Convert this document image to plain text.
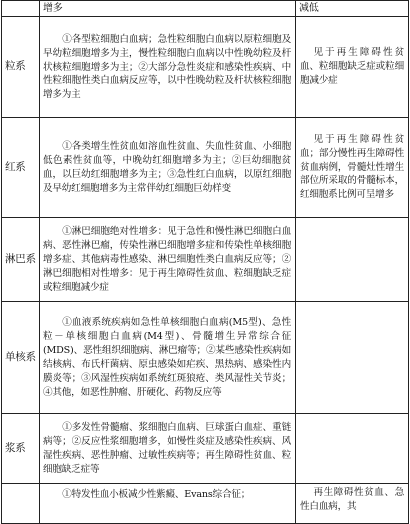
	增多	减低
粒系	①各型粒细胞白血病；急性粒细胞白血病以原粒细胞及早幼粒细胞增多为主，慢性粒细胞白血病以中性晚幼粒及杆状核粒细胞增多为主；②大部分急性炎症和感染性疾病、中性粒细胞性类白血病反应等，以中性晚幼粒及杆状核粒细胞增多为主	见于再生障碍性贫血、粒细胞缺乏症或粒细胞减少症

红系	①各类增生性贫血如溶血性贫血、失血性贫血、小细胞低色素性贫血等，中晚幼红细胞增多为主；②巨幼细胞贫血，以巨幼红细胞增多为主；③急性红白血病，以原红细胞及早幼红细胞增多为主常伴幼红细胞巨幼样变	见于再生障碍性贫血；部分慢性再生障碍性贫血病例，骨髓灶性增生部位所采取的骨髓标本，红细胞系比例可呈增多

淋巴系	①淋巴细胞绝对性增多：见于急性和慢性淋巴细胞白血病、恶性淋巴瘤，传染性淋巴细胞增多症和传染性单核细胞增多症、其他病毒性感染、淋巴细胞性类白血病反应等；②淋巴细胞相对性增多：见于再生障碍性贫血、粒细胞缺乏症或粒细胞减少症	

单核系	①血液系统疾病如急性单核细胞白血病(M5型)、急性粒－单核细胞白血病(M4型)、骨髓增生异常综合征(MDS)、恶性组织细胞病、淋巴瘤等；②某些感染性疾病如结核病、布氏杆菌病、原虫感染如疟疾、黑热病、感染性内膜炎等；③风湿性疾病如系统红斑狼疮、类风湿性关节炎；④其他，如恶性肿瘤、肝硬化、药物反应等	

浆系	①多发性骨髓瘤、浆细胞白血病、巨球蛋白血症、重链病等；②反应性浆细胞增多，如慢性炎症及感染性疾病、风湿性疾病、恶性肿瘤、过敏性疾病等；再生障碍性贫血、粒细胞缺乏症等	

	①特发性血小板减少性紫癜、Evans综合征；	再生障碍性贫血、急性白血病，其
